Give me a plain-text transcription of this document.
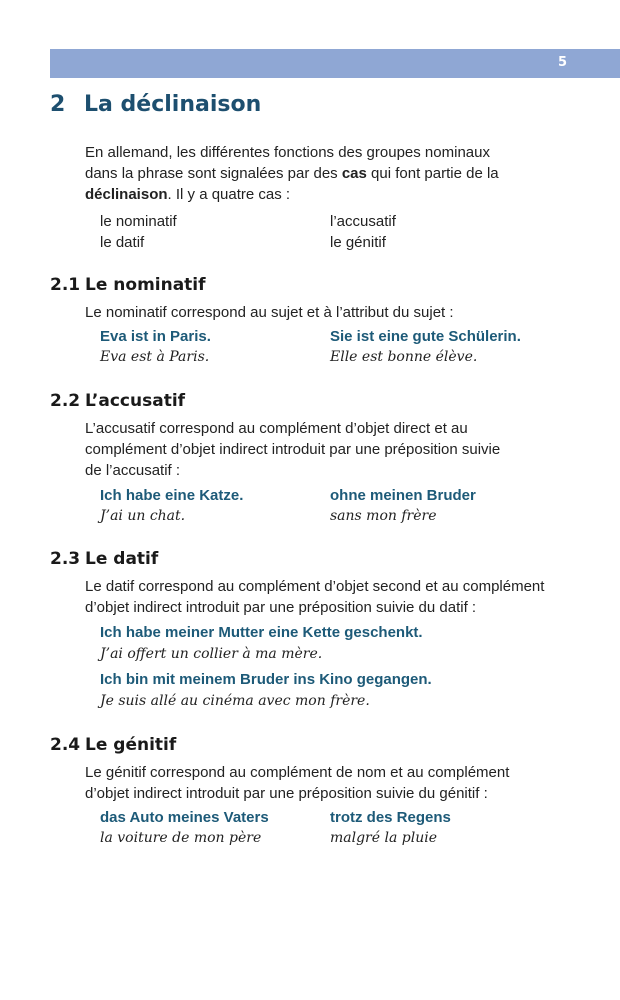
5
2 La déclinaison
En allemand, les différentes fonctions des groupes nominaux
dans la phrase sont signalées par des cas qui font partie de la
déclinaison. Il y a quatre cas :
le nominatif	l’accusatif
le datif	le génitif
2.1 Le nominatif
Le nominatif correspond au sujet et à l’attribut du sujet :
Eva ist in Paris.
Eva est à Paris.
Sie ist eine gute Schülerin.
Elle est bonne élève.
2.2 L’accusatif
L’accusatif correspond au complément d’objet direct et au
complément d’objet indirect introduit par une préposition suivie
de l’accusatif :
Ich habe eine Katze.
J’ai un chat.
ohne meinen Bruder
sans mon frère
2.3 Le datif
Le datif correspond au complément d’objet second et au complément
d’objet indirect introduit par une préposition suivie du datif :
Ich habe meiner Mutter eine Kette geschenkt.
J’ai offert un collier à ma mère.
Ich bin mit meinem Bruder ins Kino gegangen.
Je suis allé au cinéma avec mon frère.
2.4 Le génitif
Le génitif correspond au complément de nom et au complément
d’objet indirect introduit par une préposition suivie du génitif :
das Auto meines Vaters
la voiture de mon père
trotz des Regens
malgré la pluie
